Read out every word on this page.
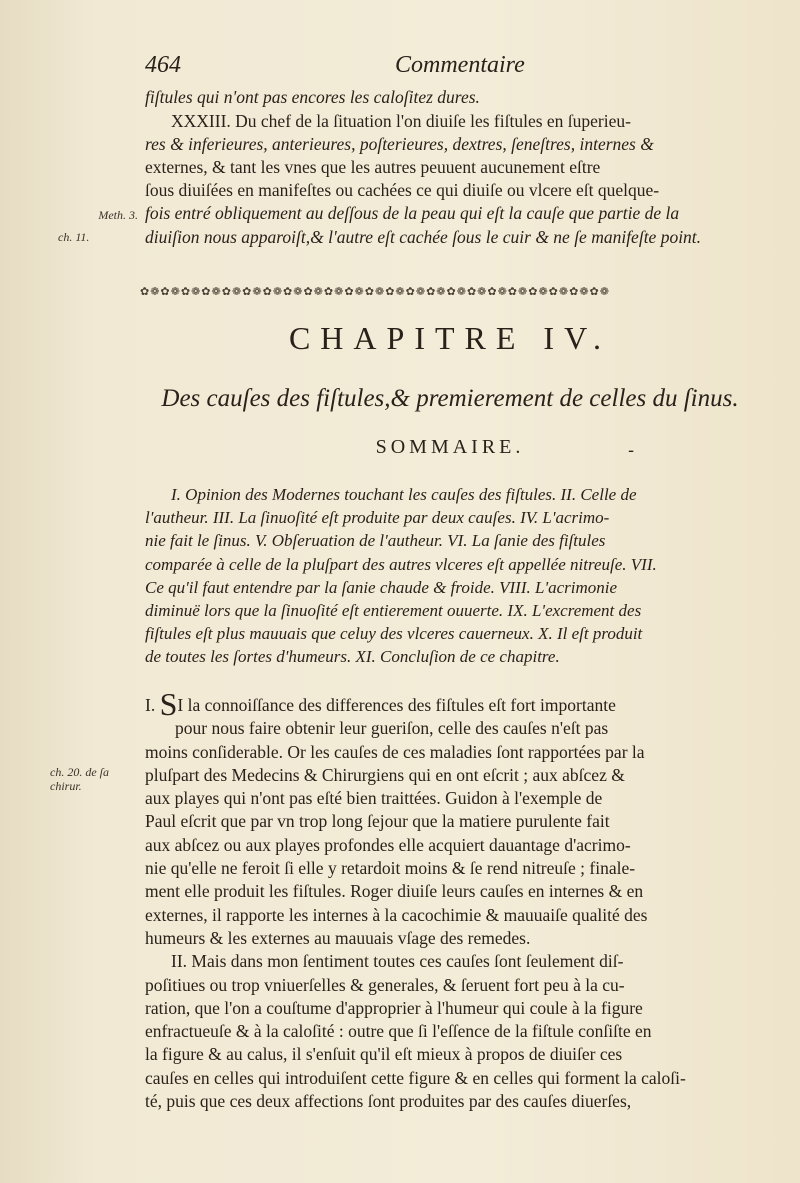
464	Commentaire
fiſtules qui n'ont pas encores les caloſitez dures.
XXXIII. Du chef de la ſituation l'on diuiſe les fiſtules en ſuperieu-
res & inferieures, anterieures, poſterieures, dextres, ſeneſtres, internes &
externes, & tant les vnes que les autres peuuent aucunement eſtre
ſous diuiſées en manifeſtes ou cachées ce qui diuiſe ou vlcere eſt quelque-
fois entré obliquement au deſſous de la peau qui eſt la cauſe que partie de la
diuiſion nous apparoiſt,& l'autre eſt cachée ſous le cuir & ne ſe manifeſte point.
Meth. 3.
ch. 11.
✿❁✿❁✿❁✿❁✿❁✿❁✿❁✿❁✿❁✿❁✿❁✿❁✿❁✿❁✿❁✿❁✿❁✿❁✿❁✿❁✿❁✿❁✿❁
CHAPITRE IV.
Des cauſes des fiſtules,& premierement de celles du ſinus.
SOMMAIRE.	-
I. Opinion des Modernes touchant les cauſes des fiſtules. II. Celle de
l'autheur. III. La ſinuoſité eſt produite par deux cauſes. IV. L'acrimo-
nie fait le ſinus. V. Obſeruation de l'autheur. VI. La ſanie des fiſtules
comparée à celle de la pluſpart des autres vlceres eſt appellée nitreuſe. VII.
Ce qu'il faut entendre par la ſanie chaude & froide. VIII. L'acrimonie
diminuë lors que la ſinuoſité eſt entierement ouuerte. IX. L'excrement des
fiſtules eſt plus mauuais que celuy des vlceres cauerneux. X. Il eſt produit
de toutes les ſortes d'humeurs. XI. Concluſion de ce chapitre.
ch. 20. de ſa chirur.
I. SI la connoiſſance des differences des fiſtules eſt fort importante
pour nous faire obtenir leur gueriſon, celle des cauſes n'eſt pas
moins conſiderable. Or les cauſes de ces maladies ſont rapportées par la
pluſpart des Medecins & Chirurgiens qui en ont eſcrit ; aux abſcez &
aux playes qui n'ont pas eſté bien traittées. Guidon à l'exemple de
Paul eſcrit que par vn trop long ſejour que la matiere purulente fait
aux abſcez ou aux playes profondes elle acquiert dauantage d'acrimo-
nie qu'elle ne feroit ſi elle y retardoit moins & ſe rend nitreuſe ; finale-
ment elle produit les fiſtules. Roger diuiſe leurs cauſes en internes & en
externes, il rapporte les internes à la cacochimie & mauuaiſe qualité des
humeurs & les externes au mauuais vſage des remedes.
II. Mais dans mon ſentiment toutes ces cauſes ſont ſeulement diſ-
poſitiues ou trop vniuerſelles & generales, & ſeruent fort peu à la cu-
ration, que l'on a couſtume d'approprier à l'humeur qui coule à la figure
enfractueuſe & à la caloſité : outre que ſi l'eſſence de la fiſtule conſiſte en
la figure & au calus, il s'enſuit qu'il eſt mieux à propos de diuiſer ces
cauſes en celles qui introduiſent cette figure & en celles qui forment la caloſi-
té, puis que ces deux affections ſont produites par des cauſes diuerſes,
